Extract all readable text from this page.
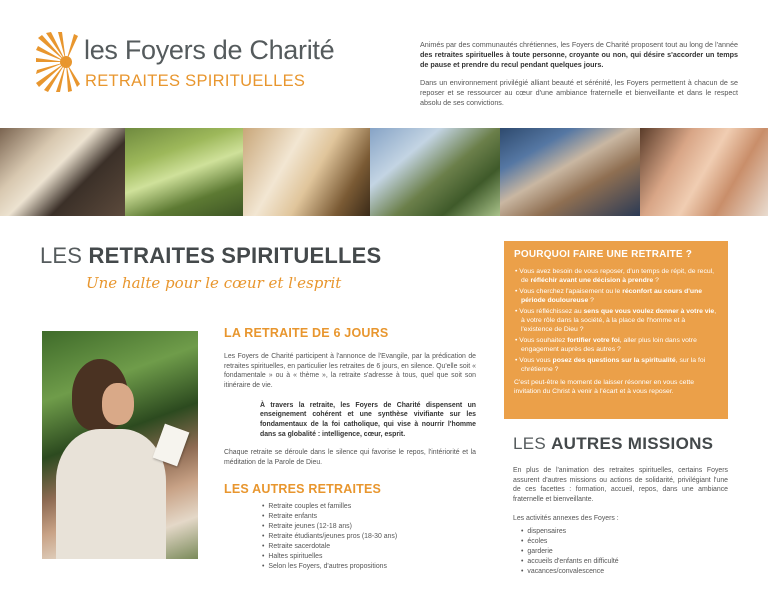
les Foyers de Charité
RETRAITES SPIRITUELLES

Animés par des communautés chrétiennes, les Foyers de Charité proposent tout au long de l'année des retraites spirituelles à toute personne, croyante ou non, qui désire s'accorder un temps de pause et prendre du recul pendant quelques jours.

Dans un environnement privilégié alliant beauté et sérénité, les Foyers permettent à chacun de se reposer et se ressourcer au cœur d'une ambiance fraternelle et bienveillante et dans le respect absolu de ses convictions.

LES RETRAITES SPIRITUELLES
Une halte pour le cœur et l'esprit
LA RETRAITE DE 6 JOURS

Les Foyers de Charité participent à l'annonce de l'Evangile, par la prédication de retraites spirituelles, en particulier les retraites de 6 jours, en silence. Qu'elle soit « fondamentale » ou à « thème », la retraite s'adresse à tous, quel que soit son itinéraire de vie.

À travers la retraite, les Foyers de Charité dispensent un enseignement cohérent et une synthèse vivifiante sur les fondamentaux de la foi catholique, qui vise à nourrir l'homme dans sa globalité : intelligence, cœur, esprit.

Chaque retraite se déroule dans le silence qui favorise le repos, l'intériorité et la méditation de la Parole de Dieu.

LES AUTRES RETRAITES
• Retraite couples et familles
• Retraite enfants
• Retraite jeunes (12-18 ans)
• Retraite étudiants/jeunes pros (18-30 ans)
• Retraite sacerdotale
• Haltes spirituelles
• Selon les Foyers, d'autres propositions
POURQUOI FAIRE UNE RETRAITE ?
• Vous avez besoin de vous reposer, d'un temps de répit, de recul, de réfléchir avant une décision à prendre ?
• Vous cherchez l'apaisement ou le réconfort au cours d'une période douloureuse ?
• Vous réfléchissez au sens que vous voulez donner à votre vie, à votre rôle dans la société, à la place de l'homme et à l'existence de Dieu ?
• Vous souhaitez fortifier votre foi, aller plus loin dans votre engagement auprès des autres ?
• Vous vous posez des questions sur la spiritualité, sur la foi chrétienne ?

C'est peut-être le moment de laisser résonner en vous cette invitation du Christ à venir à l'écart et à vous reposer.

LES AUTRES MISSIONS

En plus de l'animation des retraites spirituelles, certains Foyers assurent d'autres missions ou actions de solidarité, privilégiant l'une de ces facettes : formation, accueil, repos, dans une ambiance fraternelle et bienveillante.

Les activités annexes des Foyers :

• dispensaires
• écoles
• garderie
• accueils d'enfants en difficulté
• vacances/convalescence
